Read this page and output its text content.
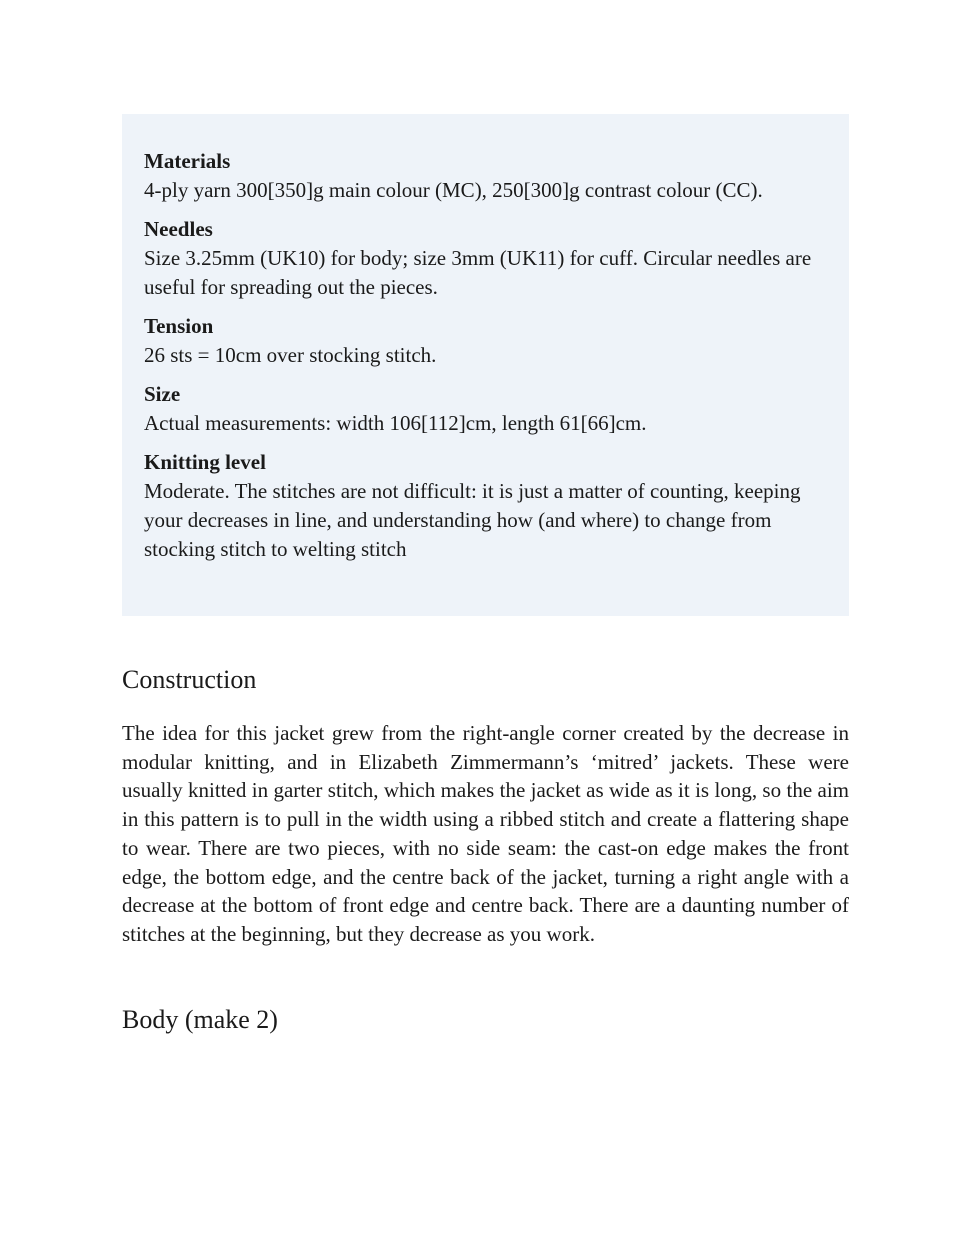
Materials
4-ply yarn 300[350]g main colour (MC), 250[300]g contrast colour (CC).
Needles
Size 3.25mm (UK10) for body; size 3mm (UK11) for cuff. Circular needles are useful for spreading out the pieces.
Tension
26 sts = 10cm over stocking stitch.
Size
Actual measurements: width 106[112]cm, length 61[66]cm.
Knitting level
Moderate. The stitches are not difficult: it is just a matter of counting, keeping your decreases in line, and understanding how (and where) to change from stocking stitch to welting stitch
Construction

The idea for this jacket grew from the right-angle corner created by the decrease in modular knitting, and in Elizabeth Zimmermann’s ‘mitred’ jackets. These were usually knitted in garter stitch, which makes the jacket as wide as it is long, so the aim in this pattern is to pull in the width using a ribbed stitch and create a flattering shape to wear. There are two pieces, with no side seam: the cast-on edge makes the front edge, the bottom edge, and the centre back of the jacket, turning a right angle with a decrease at the bottom of front edge and centre back. There are a daunting number of stitches at the beginning, but they decrease as you work.

Body (make 2)
